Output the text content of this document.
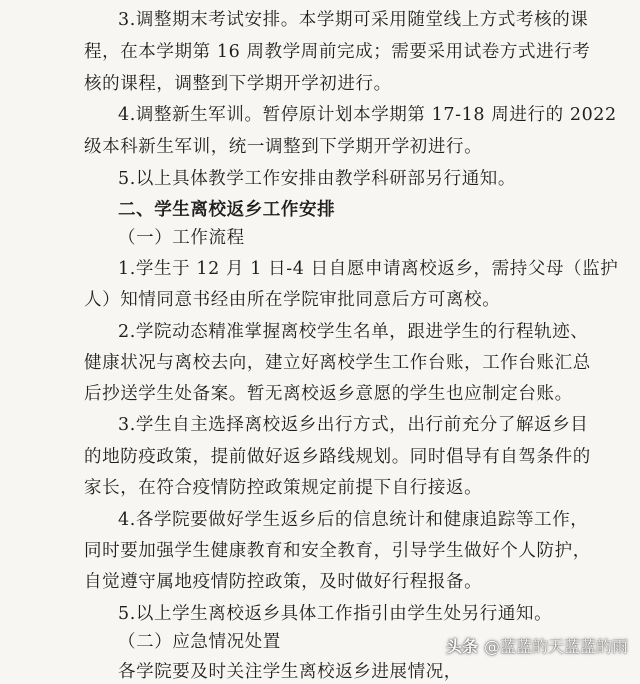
3.调整期末考试安排。本学期可采用随堂线上方式考核的课
程，在本学期第 16 周教学周前完成；需要采用试卷方式进行考
核的课程，调整到下学期开学初进行。
4.调整新生军训。暂停原计划本学期第 17-18 周进行的 2022
级本科新生军训，统一调整到下学期开学初进行。
5.以上具体教学工作安排由教学科研部另行通知。
二、学生离校返乡工作安排
（一）工作流程
1.学生于 12 月 1 日-4 日自愿申请离校返乡，需持父母（监护
人）知情同意书经由所在学院审批同意后方可离校。
2.学院动态精准掌握离校学生名单，跟进学生的行程轨迹、
健康状况与离校去向，建立好离校学生工作台账，工作台账汇总
后抄送学生处备案。暂无离校返乡意愿的学生也应制定台账。
3.学生自主选择离校返乡出行方式，出行前充分了解返乡目
的地防疫政策，提前做好返乡路线规划。同时倡导有自驾条件的
家长，在符合疫情防控政策规定前提下自行接返。
4.各学院要做好学生返乡后的信息统计和健康追踪等工作，
同时要加强学生健康教育和安全教育，引导学生做好个人防护，
自觉遵守属地疫情防控政策，及时做好行程报备。
5.以上学生离校返乡具体工作指引由学生处另行通知。
（二）应急情况处置
各学院要及时关注学生离校返乡进展情况，
头条 @蓝蓝的天蓝蓝的雨
